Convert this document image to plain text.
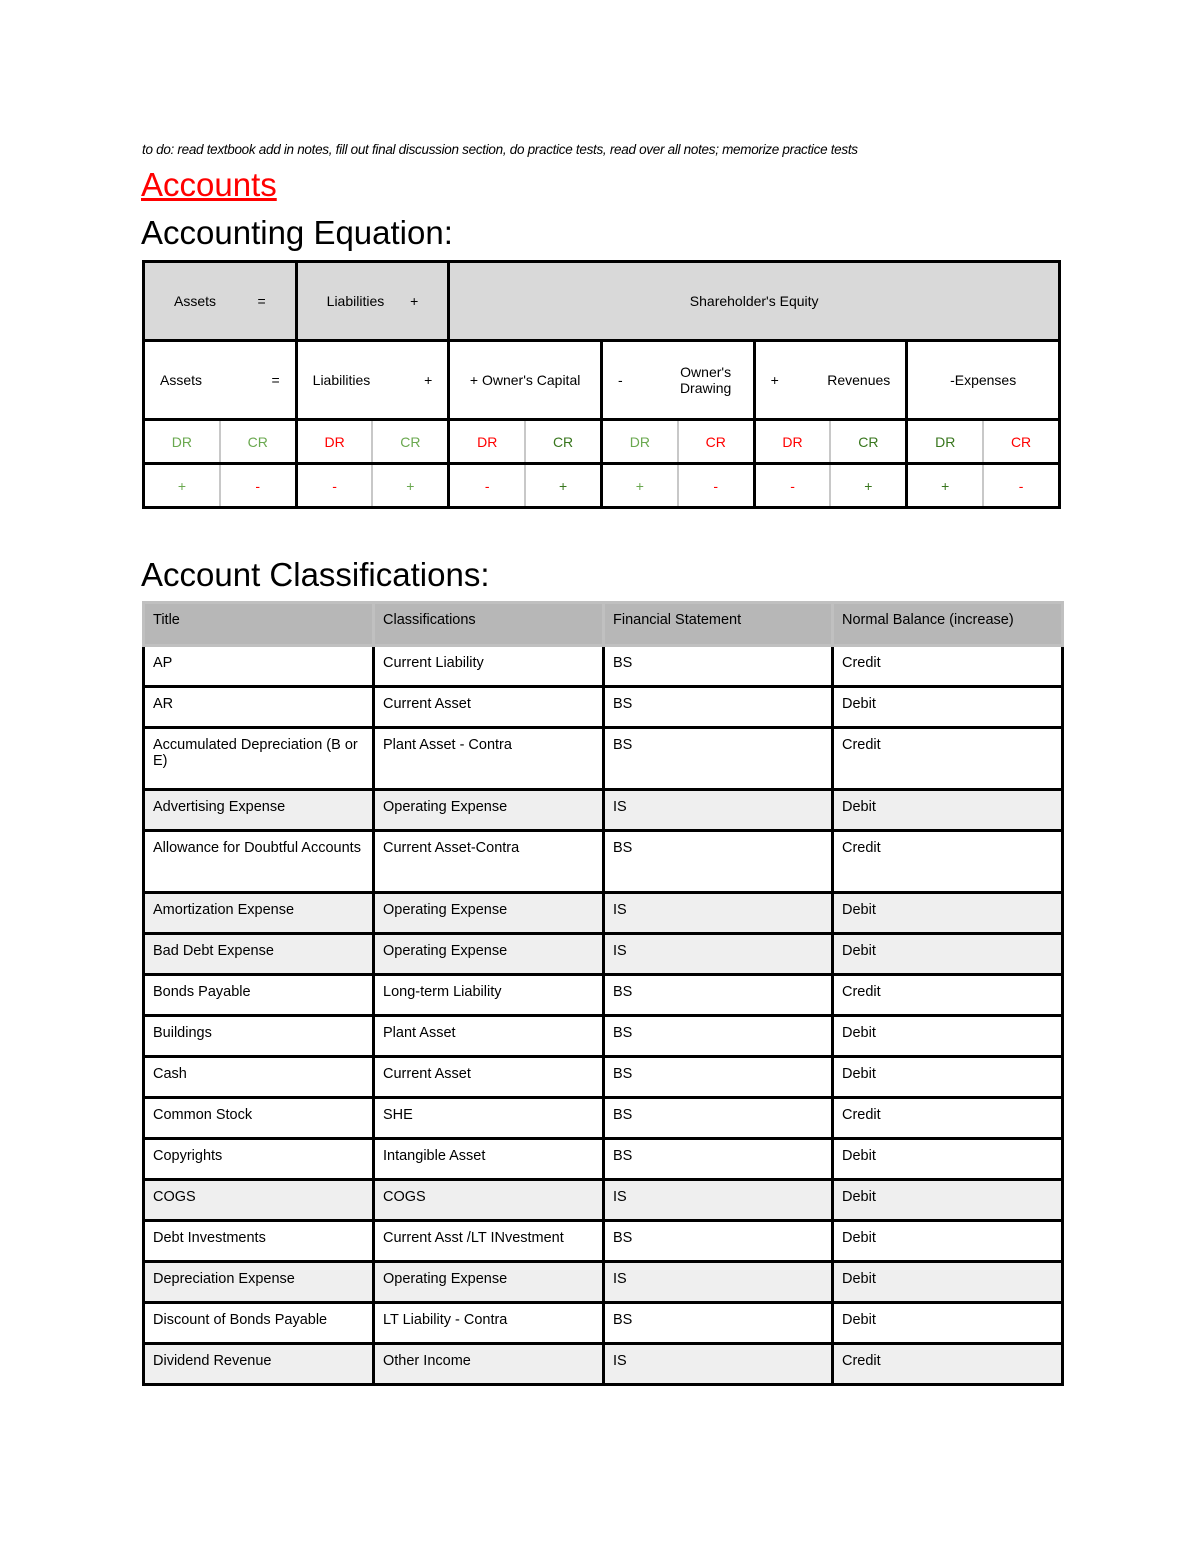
to do: read textbook add in notes, fill out final discussion section, do practice tests, read over all notes; memorize practice tests
Accounts
Accounting Equation:
Assets =		Liabilities +		Shareholder's Equity							

Assets =		Liabilities +		+ Owner's Capital		- Owner's Drawing		+ Revenues		-Expenses	
DR	CR	DR	CR	DR	CR	DR	CR	DR	CR	DR	CR
+	-	-	+	-	+	+	-	-	+	+	-
Account Classifications:
Title	Classifications	Financial Statement	Normal Balance (increase)
AP	Current Liability	BS	Credit
AR	Current Asset	BS	Debit
Accumulated Depreciation (B or E)	Plant Asset - Contra	BS	Credit
Advertising Expense	Operating Expense	IS	Debit
Allowance for Doubtful Accounts	Current Asset-Contra	BS	Credit
Amortization Expense	Operating Expense	IS	Debit
Bad Debt Expense	Operating Expense	IS	Debit
Bonds Payable	Long-term Liability	BS	Credit
Buildings	Plant Asset	BS	Debit
Cash	Current Asset	BS	Debit
Common Stock	SHE	BS	Credit
Copyrights	Intangible Asset	BS	Debit
COGS	COGS	IS	Debit
Debt Investments	Current Asst /LT INvestment	BS	Debit
Depreciation Expense	Operating Expense	IS	Debit
Discount of Bonds Payable	LT Liability - Contra	BS	Debit
Dividend Revenue	Other Income	IS	Credit
